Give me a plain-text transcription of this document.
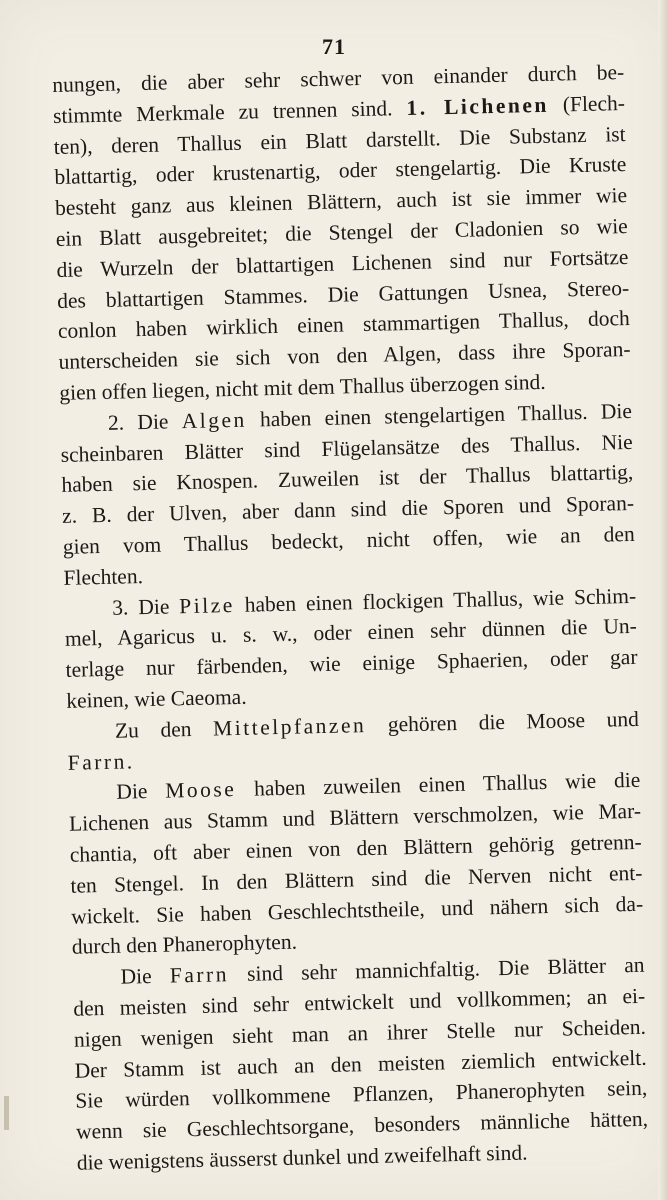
71
nungen, die aber sehr schwer von einander durch be-
stimmte Merkmale zu trennen sind. 1. Lichenen (Flech-
ten), deren Thallus ein Blatt darstellt. Die Substanz ist
blattartig, oder krustenartig, oder stengelartig. Die Kruste
besteht ganz aus kleinen Blättern, auch ist sie immer wie
ein Blatt ausgebreitet; die Stengel der Cladonien so wie
die Wurzeln der blattartigen Lichenen sind nur Fortsätze
des blattartigen Stammes. Die Gattungen Usnea, Stereo-
conlon haben wirklich einen stammartigen Thallus, doch
unterscheiden sie sich von den Algen, dass ihre Sporan-
gien offen liegen, nicht mit dem Thallus überzogen sind.
2. Die Algen haben einen stengelartigen Thallus. Die
scheinbaren Blätter sind Flügelansätze des Thallus. Nie
haben sie Knospen. Zuweilen ist der Thallus blattartig,
z. B. der Ulven, aber dann sind die Sporen und Sporan-
gien vom Thallus bedeckt, nicht offen, wie an den
Flechten.
3. Die Pilze haben einen flockigen Thallus, wie Schim-
mel, Agaricus u. s. w., oder einen sehr dünnen die Un-
terlage nur färbenden, wie einige Sphaerien, oder gar
keinen, wie Caeoma.
Zu den Mittelpfanzen gehören die Moose und
Farrn.
Die Moose haben zuweilen einen Thallus wie die
Lichenen aus Stamm und Blättern verschmolzen, wie Mar-
chantia, oft aber einen von den Blättern gehörig getrenn-
ten Stengel. In den Blättern sind die Nerven nicht ent-
wickelt. Sie haben Geschlechtstheile, und nähern sich da-
durch den Phanerophyten.
Die Farrn sind sehr mannichfaltig. Die Blätter an
den meisten sind sehr entwickelt und vollkommen; an ei-
nigen wenigen sieht man an ihrer Stelle nur Scheiden.
Der Stamm ist auch an den meisten ziemlich entwickelt.
Sie würden vollkommene Pflanzen, Phanerophyten sein,
wenn sie Geschlechtsorgane, besonders männliche hätten,
die wenigstens äusserst dunkel und zweifelhaft sind.
